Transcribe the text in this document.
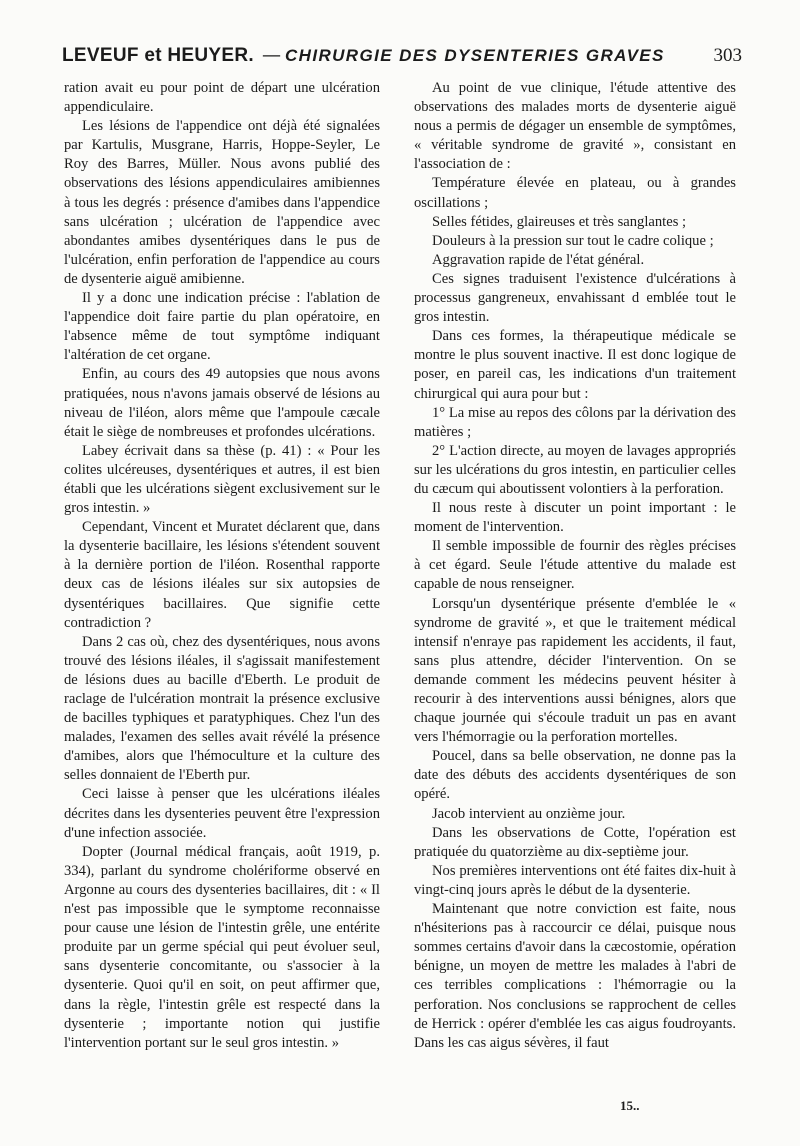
LEVEUF et HEUYER. — CHIRURGIE DES DYSENTERIES GRAVES	303

ration avait eu pour point de départ une ulcération appendiculaire.

Les lésions de l'appendice ont déjà été signalées par Kartulis, Musgrane, Harris, Hoppe-Seyler, Le Roy des Barres, Müller. Nous avons publié des observations des lésions appendiculaires amibiennes à tous les degrés : présence d'amibes dans l'appendice sans ulcération ; ulcération de l'appendice avec abondantes amibes dysentériques dans le pus de l'ulcération, enfin perforation de l'appendice au cours de dysenterie aiguë amibienne.

Il y a donc une indication précise : l'ablation de l'appendice doit faire partie du plan opératoire, en l'absence même de tout symptôme indiquant l'altération de cet organe.

Enfin, au cours des 49 autopsies que nous avons pratiquées, nous n'avons jamais observé de lésions au niveau de l'iléon, alors même que l'ampoule cæcale était le siège de nombreuses et profondes ulcérations.

Labey écrivait dans sa thèse (p. 41) : « Pour les colites ulcéreuses, dysentériques et autres, il est bien établi que les ulcérations siègent exclusivement sur le gros intestin. »

Cependant, Vincent et Muratet déclarent que, dans la dysenterie bacillaire, les lésions s'étendent souvent à la dernière portion de l'iléon. Rosenthal rapporte deux cas de lésions iléales sur six autopsies de dysentériques bacillaires. Que signifie cette contradiction ?

Dans 2 cas où, chez des dysentériques, nous avons trouvé des lésions iléales, il s'agissait manifestement de lésions dues au bacille d'Eberth. Le produit de raclage de l'ulcération montrait la présence exclusive de bacilles typhiques et paratyphiques. Chez l'un des malades, l'examen des selles avait révélé la présence d'amibes, alors que l'hémoculture et la culture des selles donnaient de l'Eberth pur.

Ceci laisse à penser que les ulcérations iléales décrites dans les dysenteries peuvent être l'expression d'une infection associée.

Dopter (Journal médical français, août 1919, p. 334), parlant du syndrome cholériforme observé en Argonne au cours des dysenteries bacillaires, dit : « Il n'est pas impossible que le symptome reconnaisse pour cause une lésion de l'intestin grêle, une entérite produite par un germe spécial qui peut évoluer seul, sans dysenterie concomitante, ou s'associer à la dysenterie. Quoi qu'il en soit, on peut affirmer que, dans la règle, l'intestin grêle est respecté dans la dysenterie ; importante notion qui justifie l'intervention portant sur le seul gros intestin. »

Au point de vue clinique, l'étude attentive des observations des malades morts de dysenterie aiguë nous a permis de dégager un ensemble de symptômes, « véritable syndrome de gravité », consistant en l'association de :

Température élevée en plateau, ou à grandes oscillations ;

Selles fétides, glaireuses et très sanglantes ;

Douleurs à la pression sur tout le cadre colique ;

Aggravation rapide de l'état général.

Ces signes traduisent l'existence d'ulcérations à processus gangreneux, envahissant d emblée tout le gros intestin.

Dans ces formes, la thérapeutique médicale se montre le plus souvent inactive. Il est donc logique de poser, en pareil cas, les indications d'un traitement chirurgical qui aura pour but :

1° La mise au repos des côlons par la dérivation des matières ;

2° L'action directe, au moyen de lavages appropriés sur les ulcérations du gros intestin, en particulier celles du cæcum qui aboutissent volontiers à la perforation.

Il nous reste à discuter un point important : le moment de l'intervention.

Il semble impossible de fournir des règles précises à cet égard. Seule l'étude attentive du malade est capable de nous renseigner.

Lorsqu'un dysentérique présente d'emblée le « syndrome de gravité », et que le traitement médical intensif n'enraye pas rapidement les accidents, il faut, sans plus attendre, décider l'intervention. On se demande comment les médecins peuvent hésiter à recourir à des interventions aussi bénignes, alors que chaque journée qui s'écoule traduit un pas en avant vers l'hémorragie ou la perforation mortelles.

Poucel, dans sa belle observation, ne donne pas la date des débuts des accidents dysentériques de son opéré.

Jacob intervient au onzième jour.

Dans les observations de Cotte, l'opération est pratiquée du quatorzième au dix-septième jour.

Nos premières interventions ont été faites dix-huit à vingt-cinq jours après le début de la dysenterie.

Maintenant que notre conviction est faite, nous n'hésiterions pas à raccourcir ce délai, puisque nous sommes certains d'avoir dans la cæcostomie, opération bénigne, un moyen de mettre les malades à l'abri de ces terribles complications : l'hémorragie ou la perforation. Nos conclusions se rapprochent de celles de Herrick : opérer d'emblée les cas aigus foudroyants. Dans les cas aigus sévères, il faut

15..
